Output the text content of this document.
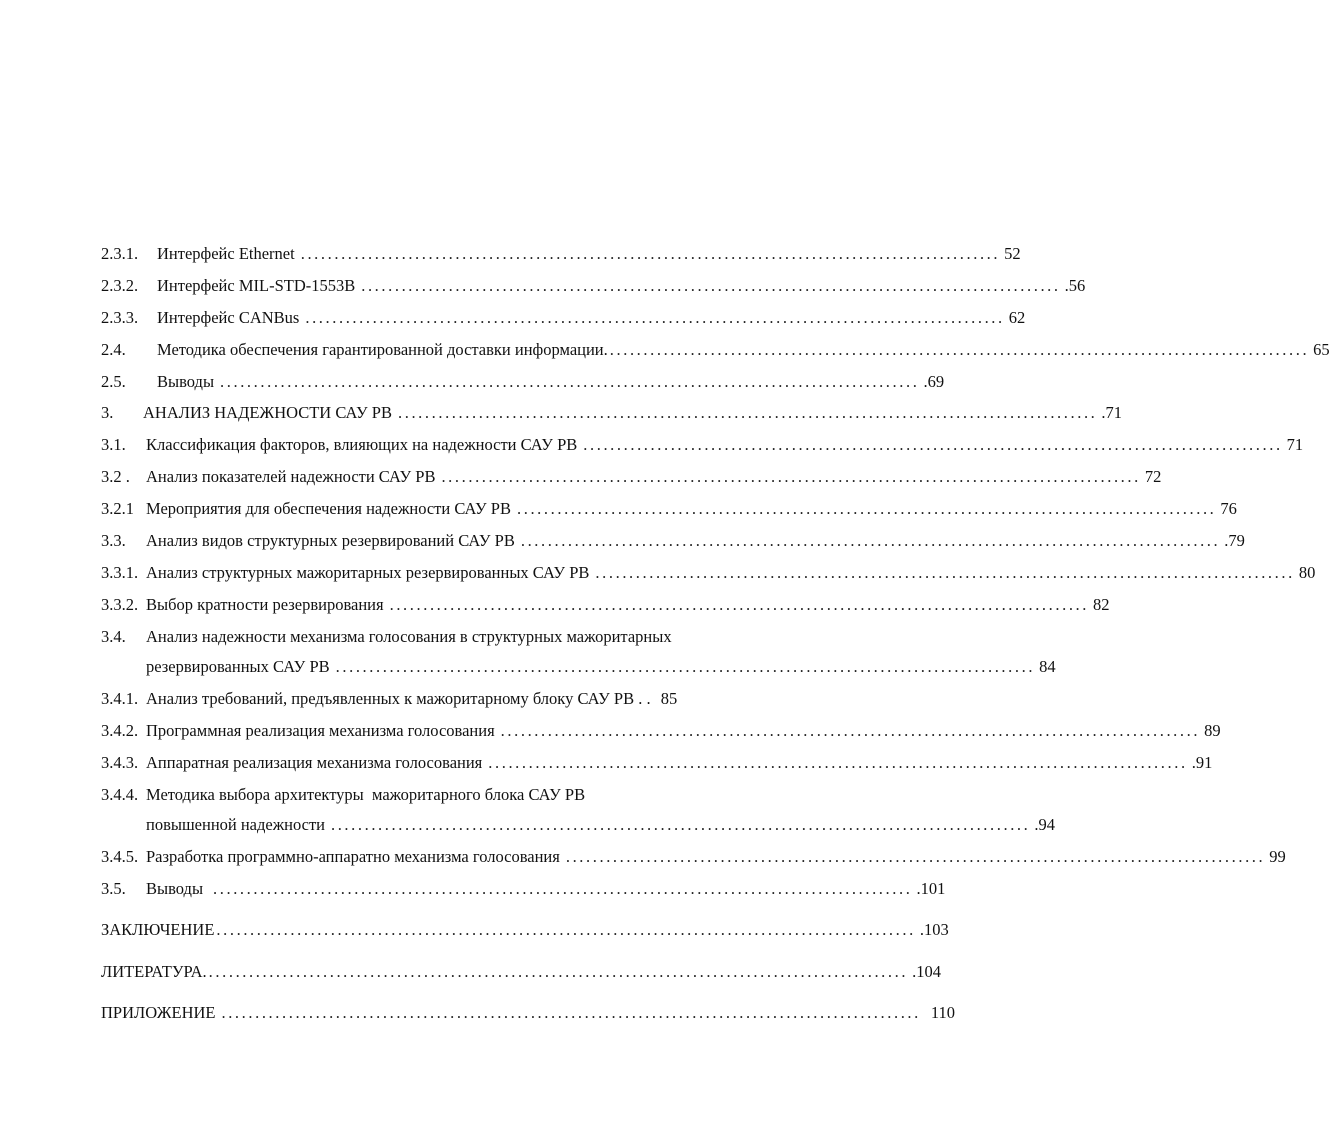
2.3.1.	Интерфейс Ethernet ........................................................................................................ 52
2.3.2.	Интерфейс MIL-STD-1553B ........................................................................................................ .56
2.3.3.	Интерфейс CANBus ........................................................................................................ 62
2.4.	Методика обеспечения гарантированной доставки информации. ........................................................................................................ 65
2.5.	Выводы ........................................................................................................ .69
3.	АНАЛИЗ НАДЕЖНОСТИ САУ РВ ........................................................................................................ .71
3.1.	Классификация факторов, влияющих на надежности САУ РВ ........................................................................................................ 71
3.2 . Анализ показателей надежности САУ РВ ........................................................................................................ 72
3.2.1 Мероприятия для обеспечения надежности САУ РВ ........................................................................................................ 76
3.3.	Анализ видов структурных резервирований САУ РВ ........................................................................................................ .79
3.3.1. Анализ структурных мажоритарных резервированных САУ РВ ........................................................................................................ 80
3.3.2. Выбор кратности резервирования ........................................................................................................ 82
3.4. Анализ надежности механизма голосования в структурных мажоритарных
резервированных САУ РВ ........................................................................................................ 84
3.4.1. Анализ требований, предъявленных к мажоритарному блоку САУ РВ . . 85
3.4.2. Программная реализация механизма голосования ........................................................................................................ 89
3.4.3. Аппаратная реализация механизма голосования ........................................................................................................ .91
3.4.4. Методика выбора архитектуры  мажоритарного блока САУ РВ
повышенной надежности ........................................................................................................ .94
3.4.5. Разработка программно-аппаратно механизма голосования ........................................................................................................ 99
3.5.	Выводы ........................................................................................................ .101
ЗАКЛЮЧЕНИЕ ........................................................................................................ .103
ЛИТЕРАТУРА. ........................................................................................................ .104
ПРИЛОЖЕНИЕ ........................................................................................................ 110
